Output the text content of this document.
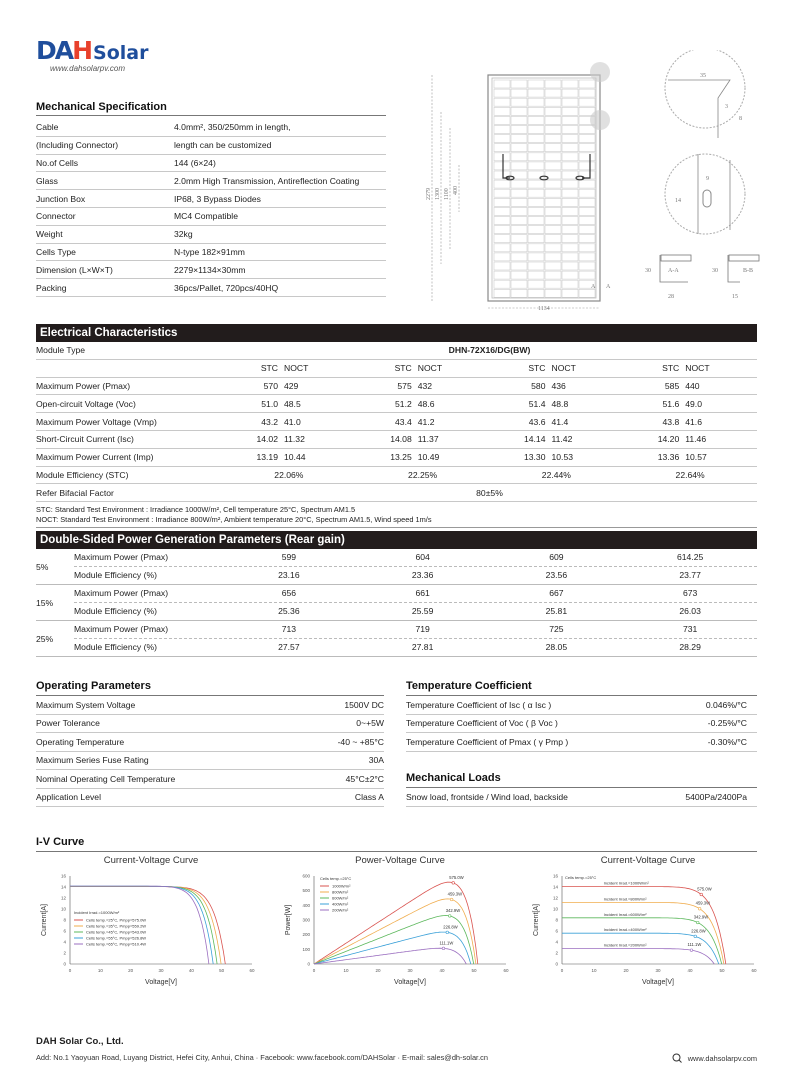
DAH Solar
www.dahsolarpv.com
Mechanical Specification
Cable	4.0mm², 350/250mm in length,
(Including Connector)	length can be customized
No.of Cells	144 (6×24)
Glass	2.0mm High Transmission, Antireflection Coating
Junction Box	IP68, 3 Bypass Diodes
Connector	MC4 Compatible
Weight	32kg
Cells Type	N-type 182×91mm
Dimension (L×W×T)	2279×1134×30mm
Packing	36pcs/Pallet, 720pcs/40HQ
2279 1300 1100 400
1134
A A
35
3
8
9
14
30	A-A
28
30	B-B
15
Electrical Characteristics
Module Type	DHN-72X16/DG(BW)
STC NOCT	STC NOCT	STC NOCT	STC NOCT
Maximum Power (Pmax)	570 429	575 432	580 436	585 440
Open-circuit Voltage (Voc)	51.0 48.5	51.2 48.6	51.4 48.8	51.6 49.0
Maximum Power Voltage (Vmp)	43.2 41.0	43.4 41.2	43.6 41.4	43.8 41.6
Short-Circuit Current (Isc)	14.02 11.32	14.08 11.37	14.14 11.42	14.20 11.46
Maximum Power Current (Imp)	13.19 10.44	13.25 10.49	13.30 10.53	13.36 10.57
Module Efficiency (STC)	22.06%	22.25%	22.44%	22.64%
Refer Bifacial Factor	80±5%
STC: Standard Test Environment : Irradiance 1000W/m², Cell temperature 25°C, Spectrum AM1.5
NOCT: Standard Test Environment : Irradiance 800W/m², Ambient temperature 20°C, Spectrum AM1.5, Wind speed 1m/s
Double-Sided Power Generation Parameters (Rear gain)
5%
Maximum Power (Pmax)	599	604	609	614.25
Module Efficiency (%)	23.16	23.36	23.56	23.77
15%
Maximum Power (Pmax)	656	661	667	673
Module Efficiency (%)	25.36	25.59	25.81	26.03
25%
Maximum Power (Pmax)	713	719	725	731
Module Efficiency (%)	27.57	27.81	28.05	28.29
Operating Parameters
Maximum System Voltage	1500V DC
Power Tolerance	0~+5W
Operating Temperature	-40 ~ +85°C
Maximum Series Fuse Rating	30A
Nominal Operating Cell Temperature	45°C±2°C
Application Level	Class A
Temperature Coefficient
Temperature Coefficient of Isc ( α Isc )	0.046%/°C
Temperature Coefficient of Voc ( β Voc )	-0.25%/°C
Temperature Coefficient of Pmax ( γ Pmp )	-0.30%/°C
Mechanical Loads
Snow load, frontside / Wind load, backside	5400Pa/2400Pa
I-V Curve
Current-Voltage Curve
0	10	20	30	40	50	60
0
2
4
6
8
10
12
14
16
Voltage[V]
Current[A]	Incident Irrad.=1000W/m²
Cells temp.=25°C, Pmpp=575.0W
Cells temp.=35°C, Pmpp=559.2W
Cells temp.=45°C, Pmpp=543.0W
Cells temp.=55°C, Pmpp=526.8W
Cells temp.=65°C, Pmpp=510.4W
Power-Voltage Curve
0	10	20	30	40	50	60
0
100
200
300
400
500
600
Voltage[V]
Power[W]
575.0W
459.3W
342.9W
226.8W
111.1W
Cells temp.=25°C
1000W/m²
800W/m²
600W/m²
400W/m²
200W/m²
Current-Voltage Curve
0	10	20	30	40	50	60
0
2
4
6
8
10
12
14
16
Voltage[V]
Current[A]
575.0W
Incident Irrad.=1000W/m²
459.3W
Incident Irrad.=800W/m²
342.9W
Incident Irrad.=600W/m²
226.8W
Incident Irrad.=400W/m²
111.1W
Incident Irrad.=200W/m²
Cells temp.=25°C
DAH Solar Co., Ltd.
Add: No.1 Yaoyuan Road, Luyang District, Hefei City, Anhui, China · Facebook: www.facebook.com/DAHSolar · E-mail: sales@dh-solar.cn	www.dahsolarpv.com
